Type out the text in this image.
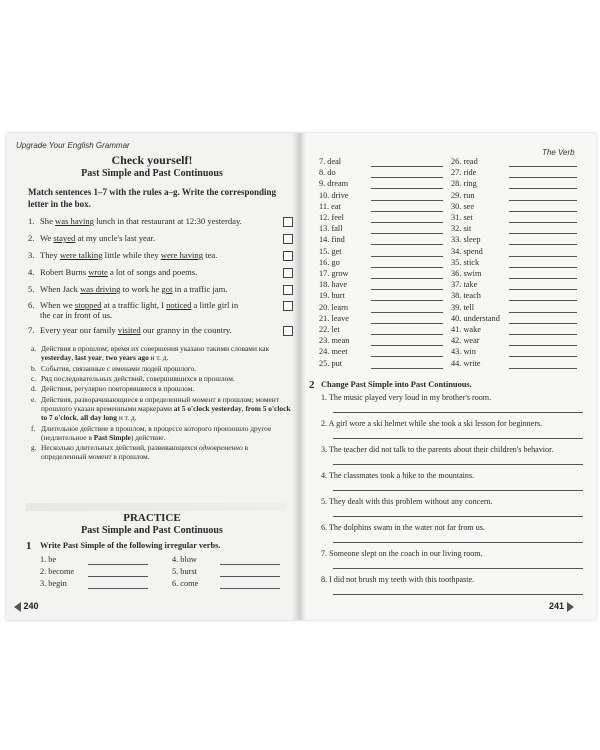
Upgrade Your English Grammar
Check yourself!
Past Simple and Past Continuous
Match sentences 1–7 with the rules a–g. Write the corresponding letter in the box.
1.She was having lunch in that restaurant at 12:30 yesterday.
2.We stayed at my uncle's last year.
3.They were talking little while they were having tea.
4.Robert Burns wrote a lot of songs and poems.
5.When Jack was driving to work he got in a traffic jam.
6.When we stopped at a traffic light, I noticed a little girl in
the car in front of us.
7.Every year our family visited our granny in the country.
a. Действия в прошлом; время их совершения указано такими словами как yesterday, last year, two years ago и т. д.
b. События, связанные с именами людей прошлого.
c. Ряд последовательных действий, совершившихся в прошлом.
d. Действия, регулярно повторявшиеся в прошлом.
e. Действия, разворачивающиеся в определенный момент в прошлом; момент прошлого указан временными маркерами at 5 o'clock yesterday, from 5 o'clock to 7 o'clock, all day long и т. д.
f. Длительное действие в прошлом, в процессе которого произошло другое (недлительное в Past Simple) действие.
g. Несколько длительных действий, развивающихся одновременно в определенный момент в прошлом.
PRACTICE
Past Simple and Past Continuous
1 Write Past Simple of the following irregular verbs.
1. be
2. become
3. begin
4. blow
5. burst
6. come
240
The Verb
7. deal
8. do
9. dream
10. drive
11. eat
12. feel
13. fall
14. find
15. get
16. go
17. grow
18. have
19. hurt
20. learn
21. leave
22. let
23. mean
24. meet
25. put
26. read
27. ride
28. ring
29. run
30. see
31. set
32. sit
33. sleep
34. spend
35. stick
36. swim
37. take
38. teach
39. tell
40. understand
41. wake
42. wear
43. win
44. write
2 Change Past Simple into Past Continuous.
1. The music played very loud in my brother's room.
2. A girl wore a ski helmet while she took a ski lesson for beginners.
3. The teacher did not talk to the parents about their children's behavior.
4. The classmates took a hike to the mountains.
5. They dealt with this problem without any concern.
6. The dolphins swam in the water not far from us.
7. Someone slept on the coach in our living room.
8. I did not brush my teeth with this toothpaste.
241
